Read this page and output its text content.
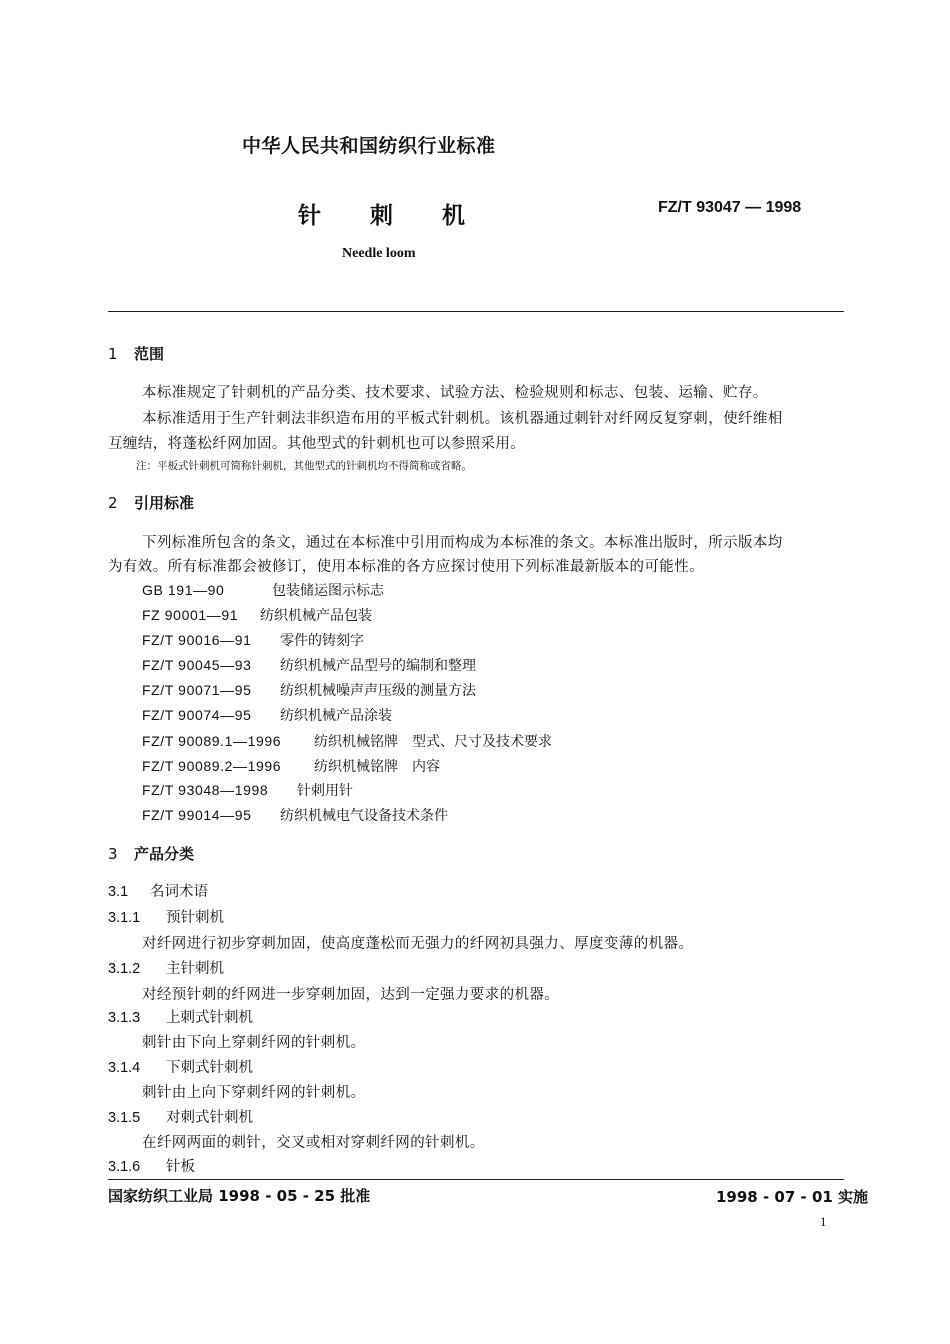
中华人民共和国纺织行业标准
针 刺 机	FZ/T 93047 — 1998
Needle loom
1 范围
本标准规定了针刺机的产品分类、技术要求、试验方法、检验规则和标志、包装、运输、贮存。
本标准适用于生产针刺法非织造布用的平板式针刺机。该机器通过刺针对纤网反复穿刺，使纤维相
互缠结，将蓬松纤网加固。其他型式的针刺机也可以参照采用。
注：平板式针刺机可简称针刺机，其他型式的针刺机均不得简称或省略。
2 引用标准
下列标准所包含的条文，通过在本标准中引用而构成为本标准的条文。本标准出版时，所示版本均
为有效。所有标准都会被修订，使用本标准的各方应探讨使用下列标准最新版本的可能性。
GB 191—90	包装储运图示标志
FZ 90001—91 纺织机械产品包装
FZ/T 90016—91 零件的铸刻字
FZ/T 90045—93 纺织机械产品型号的编制和整理
FZ/T 90071—95 纺织机械噪声声压级的测量方法
FZ/T 90074—95 纺织机械产品涂装
FZ/T 90089.1—1996 纺织机械铭牌　型式、尺寸及技术要求
FZ/T 90089.2—1996 纺织机械铭牌　内容
FZ/T 93048—1998 针刺用针
FZ/T 99014—95 纺织机械电气设备技术条件
3 产品分类
3.1 名词术语
3.1.1 预针刺机
对纤网进行初步穿刺加固，使高度蓬松而无强力的纤网初具强力、厚度变薄的机器。
3.1.2 主针刺机
对经预针刺的纤网进一步穿刺加固，达到一定强力要求的机器。
3.1.3 上刺式针刺机
刺针由下向上穿刺纤网的针刺机。
3.1.4 下刺式针刺机
刺针由上向下穿刺纤网的针刺机。
3.1.5 对刺式针刺机
在纤网两面的刺针，交叉或相对穿刺纤网的针刺机。
3.1.6 针板
国家纺织工业局 1998 - 05 - 25 批准	1998 - 07 - 01 实施
1
